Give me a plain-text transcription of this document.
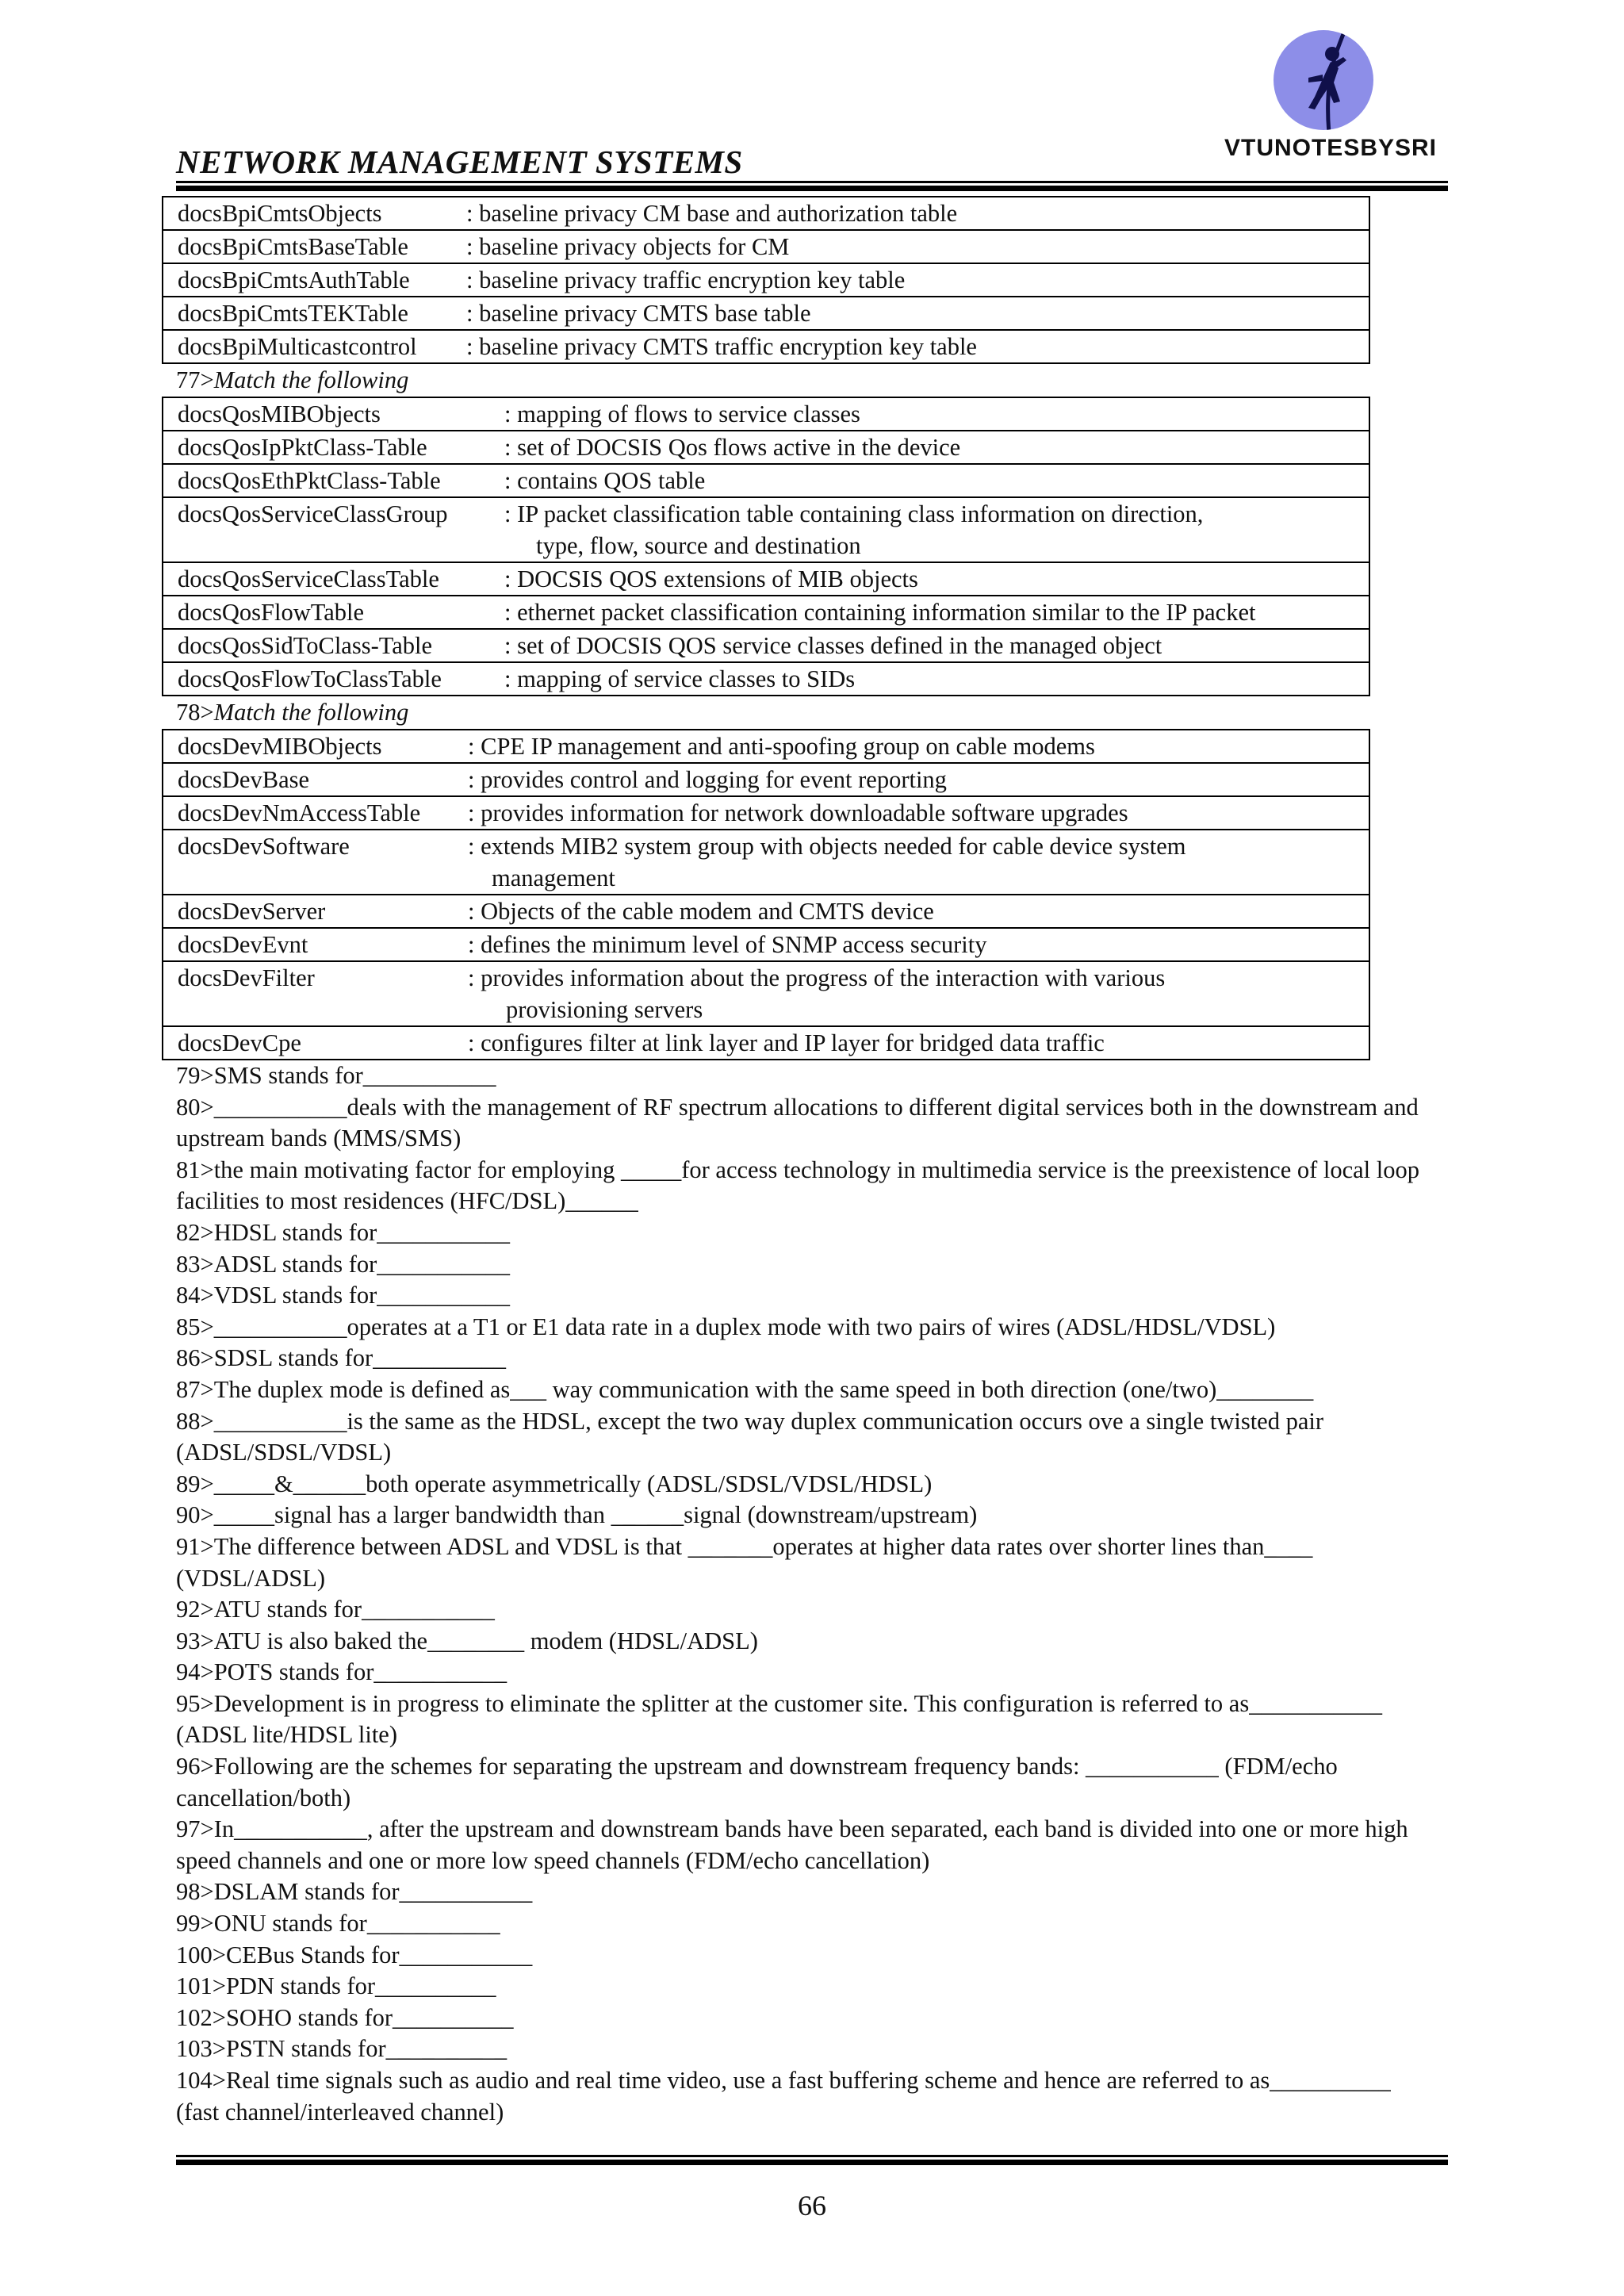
NETWORK MANAGEMENT SYSTEMS	VTUNOTESBYSRI
docsBpiCmtsObjects	: baseline privacy CM base and authorization table

docsBpiCmtsBaseTable	: baseline privacy objects for CM

docsBpiCmtsAuthTable	: baseline privacy traffic encryption key table

docsBpiCmtsTEKTable	: baseline privacy CMTS base table

docsBpiMulticastcontrol	: baseline privacy CMTS traffic encryption key table
77>Match the following
docsQosMIBObjects	: mapping of flows to service classes

docsQosIpPktClass-Table	: set of DOCSIS Qos flows active in the device

docsQosEthPktClass-Table	: contains QOS table

docsQosServiceClassGroup	: IP packet classification table containing class information on direction,
type, flow, source and destination

docsQosServiceClassTable	: DOCSIS QOS extensions of MIB objects

docsQosFlowTable	: ethernet packet classification containing information similar to the IP packet

docsQosSidToClass-Table	: set of DOCSIS QOS service classes defined in the managed object

docsQosFlowToClassTable	: mapping of service classes to SIDs
78>Match the following
docsDevMIBObjects	: CPE IP management and anti-spoofing group on cable modems

docsDevBase	: provides control and logging for event reporting

docsDevNmAccessTable	: provides information for network downloadable software upgrades

docsDevSoftware	: extends MIB2 system group with objects needed for cable device system
management

docsDevServer	: Objects of the cable modem and CMTS device

docsDevEvnt	: defines the minimum level of SNMP access security

docsDevFilter	: provides information about the progress of the interaction with various
provisioning servers

docsDevCpe	: configures filter at link layer and IP layer for bridged data traffic
79>SMS stands for___________
80>___________deals with the management of RF spectrum allocations to different digital services both in the downstream and upstream bands (MMS/SMS)
81>the main motivating factor for employing _____for access technology in multimedia service is the preexistence of local loop facilities to most residences (HFC/DSL)______
82>HDSL stands for___________
83>ADSL stands for___________
84>VDSL stands for___________
85>___________operates at a T1 or E1 data rate in a duplex mode with two pairs of wires (ADSL/HDSL/VDSL)
86>SDSL stands for___________
87>The duplex mode is defined as___ way communication with the same speed in both direction (one/two)________
88>___________is the same as the HDSL, except the two way duplex communication occurs ove a single twisted pair (ADSL/SDSL/VDSL)
89>_____&______both operate asymmetrically (ADSL/SDSL/VDSL/HDSL)
90>_____signal has a larger bandwidth than ______signal (downstream/upstream)
91>The difference between ADSL and VDSL is that _______operates at higher data rates over shorter lines than____ (VDSL/ADSL)
92>ATU stands for___________
93>ATU is also baked the________ modem (HDSL/ADSL)
94>POTS stands for___________
95>Development is in progress to eliminate the splitter at the customer site. This configuration is referred to as___________ (ADSL lite/HDSL lite)
96>Following are the schemes for separating the upstream and downstream frequency bands: ___________ (FDM/echo cancellation/both)
97>In___________, after the upstream and downstream bands have been separated, each band is divided into one or more high speed channels and one or more low speed channels (FDM/echo cancellation)
98>DSLAM stands for___________
99>ONU stands for___________
100>CEBus Stands for___________
101>PDN stands for__________
102>SOHO stands for__________
103>PSTN stands for__________
104>Real time signals such as audio and real time video, use a fast buffering scheme and hence are referred to as__________ (fast channel/interleaved channel)
66
